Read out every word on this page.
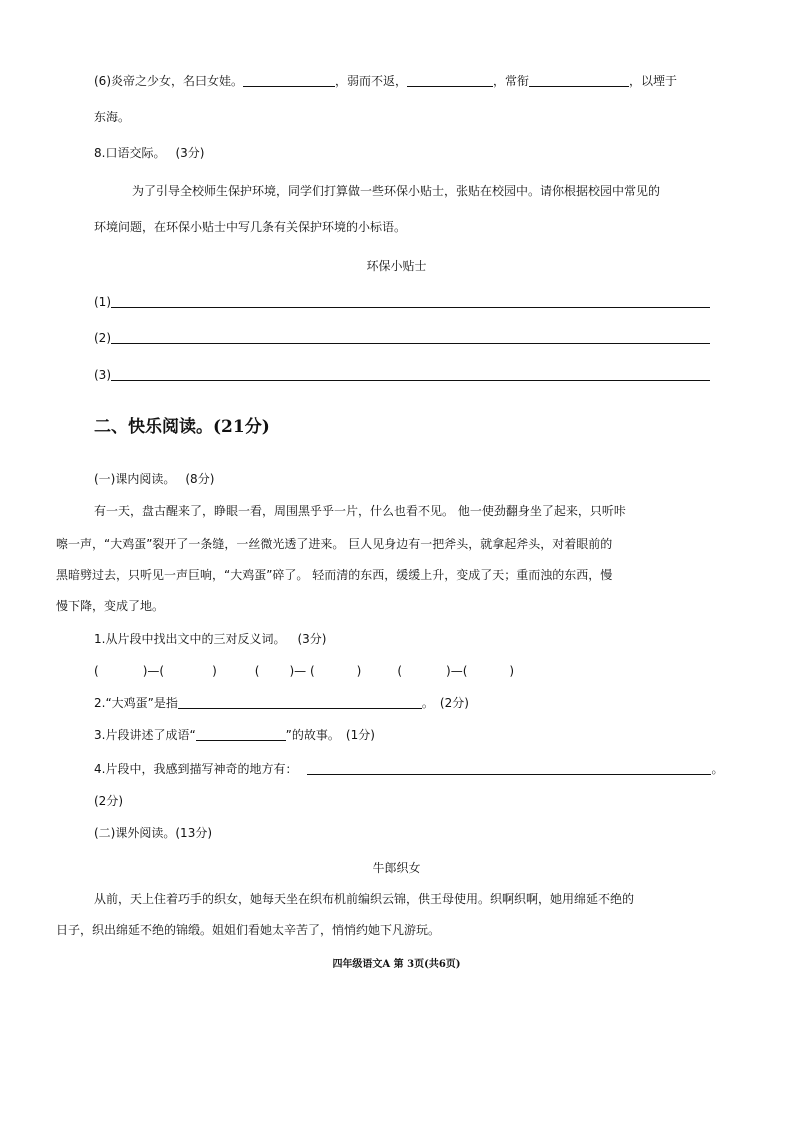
(6)炎帝之少女，名曰女娃。	，弱而不返，	，常衔	，以堙于
东海。
8.口语交际。 (3分)
为了引导全校师生保护环境，同学们打算做一些环保小贴士，张贴在校园中。请你根据校园中常见的
环境问题，在环保小贴士中写几条有关保护环境的小标语。
环保小贴士
(1)
(2)
(3)
二、快乐阅读。(21分)
(一)课内阅读。 (8分)
有一天，盘古醒来了，睁眼一看，周围黑乎乎一片，什么也看不见。 他一使劲翻身坐了起来，只听咔
嚓一声，“大鸡蛋”裂开了一条缝，一丝微光透了进来。 巨人见身边有一把斧头，就拿起斧头，对着眼前的
黑暗劈过去，只听见一声巨响，“大鸡蛋”碎了。 轻而清的东西，缓缓上升，变成了天；重而浊的东西，慢
慢下降，变成了地。
1.从片段中找出文中的三对反义词。 (3分)
(	)—(	)	(	)— (	)	(	)—(	)
2.“大鸡蛋”是指	。 (2分)
3.片段讲述了成语“	”的故事。 (1分)
4.片段中，我感到描写神奇的地方有：	。
(2分)
(二)课外阅读。(13分)
牛郎织女
从前，天上住着巧手的织女，她每天坐在织布机前编织云锦，供王母使用。织啊织啊，她用绵延不绝的
日子，织出绵延不绝的锦缎。姐姐们看她太辛苦了，悄悄约她下凡游玩。
四年级语文A 第 3页(共6页)
